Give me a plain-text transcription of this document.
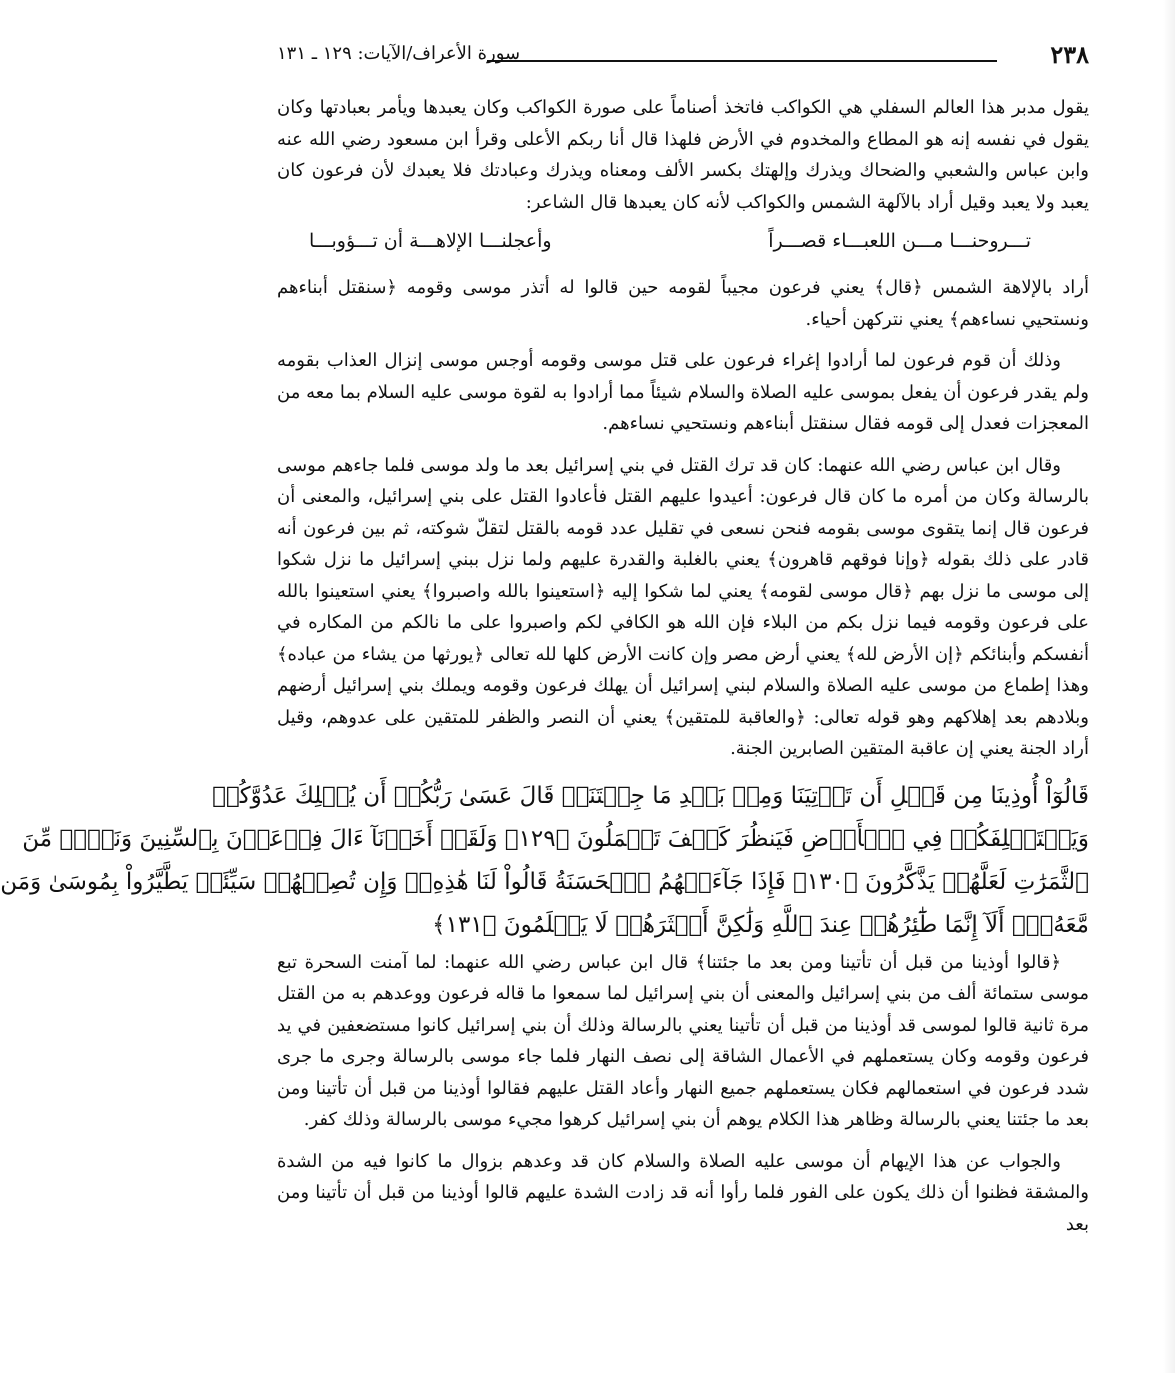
٢٣٨
سورة الأعراف/الآيات: ١٢٩ ـ ١٣١

يقول مدبر هذا العالم السفلي هي الكواكب فاتخذ أصناماً على صورة الكواكب وكان يعبدها ويأمر بعبادتها وكان يقول في نفسه إنه هو المطاع والمخدوم في الأرض فلهذا قال أنا ربكم الأعلى وقرأ ابن مسعود رضي الله عنه وابن عباس والشعبي والضحاك ويذرك وإلهتك بكسر الألف ومعناه ويذرك وعبادتك فلا يعبدك لأن فرعون كان يعبد ولا يعبد وقيل أراد بالآلهة الشمس والكواكب لأنه كان يعبدها قال الشاعر:

تـــروحنـــا مـــن اللعبـــاء قصـــراً
وأعجلنـــا الإلاهـــة أن تـــؤوبـــا

أراد بالإلاهة الشمس ﴿قال﴾ يعني فرعون مجيباً لقومه حين قالوا له أتذر موسى وقومه ﴿سنقتل أبناءهم ونستحيي نساءهم﴾ يعني نتركهن أحياء.

وذلك أن قوم فرعون لما أرادوا إغراء فرعون على قتل موسى وقومه أوجس موسى إنزال العذاب بقومه ولم يقدر فرعون أن يفعل بموسى عليه الصلاة والسلام شيئاً مما أرادوا به لقوة موسى عليه السلام بما معه من المعجزات فعدل إلى قومه فقال سنقتل أبناءهم ونستحيي نساءهم.

وقال ابن عباس رضي الله عنهما: كان قد ترك القتل في بني إسرائيل بعد ما ولد موسى فلما جاءهم موسى بالرسالة وكان من أمره ما كان قال فرعون: أعيدوا عليهم القتل فأعادوا القتل على بني إسرائيل، والمعنى أن فرعون قال إنما يتقوى موسى بقومه فنحن نسعى في تقليل عدد قومه بالقتل لتقلّ شوكته، ثم بين فرعون أنه قادر على ذلك بقوله ﴿وإنا فوقهم قاهرون﴾ يعني بالغلبة والقدرة عليهم ولما نزل ببني إسرائيل ما نزل شكوا إلى موسى ما نزل بهم ﴿قال موسى لقومه﴾ يعني لما شكوا إليه ﴿استعينوا بالله واصبروا﴾ يعني استعينوا بالله على فرعون وقومه فيما نزل بكم من البلاء فإن الله هو الكافي لكم واصبروا على ما نالكم من المكاره في أنفسكم وأبنائكم ﴿إن الأرض لله﴾ يعني أرض مصر وإن كانت الأرض كلها لله تعالى ﴿يورثها من يشاء من عباده﴾ وهذا إطماع من موسى عليه الصلاة والسلام لبني إسرائيل أن يهلك فرعون وقومه ويملك بني إسرائيل أرضهم وبلادهم بعد إهلاكهم وهو قوله تعالى: ﴿والعاقبة للمتقين﴾ يعني أن النصر والظفر للمتقين على عدوهم، وقيل أراد الجنة يعني إن عاقبة المتقين الصابرين الجنة.

قَالُوٓاْ أُوذِينَا مِن قَبۡلِ أَن تَأۡتِيَنَا وَمِنۢ بَعۡدِ مَا جِئۡتَنَاۚ قَالَ عَسَىٰ رَبُّكُمۡ أَن يُهۡلِكَ عَدُوَّكُمۡ
وَيَسۡتَخۡلِفَكُمۡ فِي ٱلۡأَرۡضِ فَيَنظُرَ كَيۡفَ تَعۡمَلُونَ ﴿١٢٩﴾ وَلَقَدۡ أَخَذۡنَآ ءَالَ فِرۡعَوۡنَ بِٱلسِّنِينَ وَنَقۡصٖ مِّنَ
ٱلثَّمَرَٰتِ لَعَلَّهُمۡ يَذَّكَّرُونَ ﴿١٣٠﴾ فَإِذَا جَآءَتۡهُمُ ٱلۡحَسَنَةُ قَالُواْ لَنَا هَٰذِهِۦۖ وَإِن تُصِبۡهُمۡ سَيِّئَةٞ يَطَّيَّرُواْ بِمُوسَىٰ وَمَن
مَّعَهُۥٓۗ أَلَآ إِنَّمَا طَٰٓئِرُهُمۡ عِندَ ٱللَّهِ وَلَٰكِنَّ أَكۡثَرَهُمۡ لَا يَعۡلَمُونَ ﴿١٣١﴾

﴿قالوا أوذينا من قبل أن تأتينا ومن بعد ما جئتنا﴾ قال ابن عباس رضي الله عنهما: لما آمنت السحرة تبع موسى ستمائة ألف من بني إسرائيل والمعنى أن بني إسرائيل لما سمعوا ما قاله فرعون ووعدهم به من القتل مرة ثانية قالوا لموسى قد أوذينا من قبل أن تأتينا يعني بالرسالة وذلك أن بني إسرائيل كانوا مستضعفين في يد فرعون وقومه وكان يستعملهم في الأعمال الشاقة إلى نصف النهار فلما جاء موسى بالرسالة وجرى ما جرى شدد فرعون في استعمالهم فكان يستعملهم جميع النهار وأعاد القتل عليهم فقالوا أوذينا من قبل أن تأتينا ومن بعد ما جئتنا يعني بالرسالة وظاهر هذا الكلام يوهم أن بني إسرائيل كرهوا مجيء موسى بالرسالة وذلك كفر.

والجواب عن هذا الإيهام أن موسى عليه الصلاة والسلام كان قد وعدهم بزوال ما كانوا فيه من الشدة والمشقة فظنوا أن ذلك يكون على الفور فلما رأوا أنه قد زادت الشدة عليهم قالوا أوذينا من قبل أن تأتينا ومن بعد
